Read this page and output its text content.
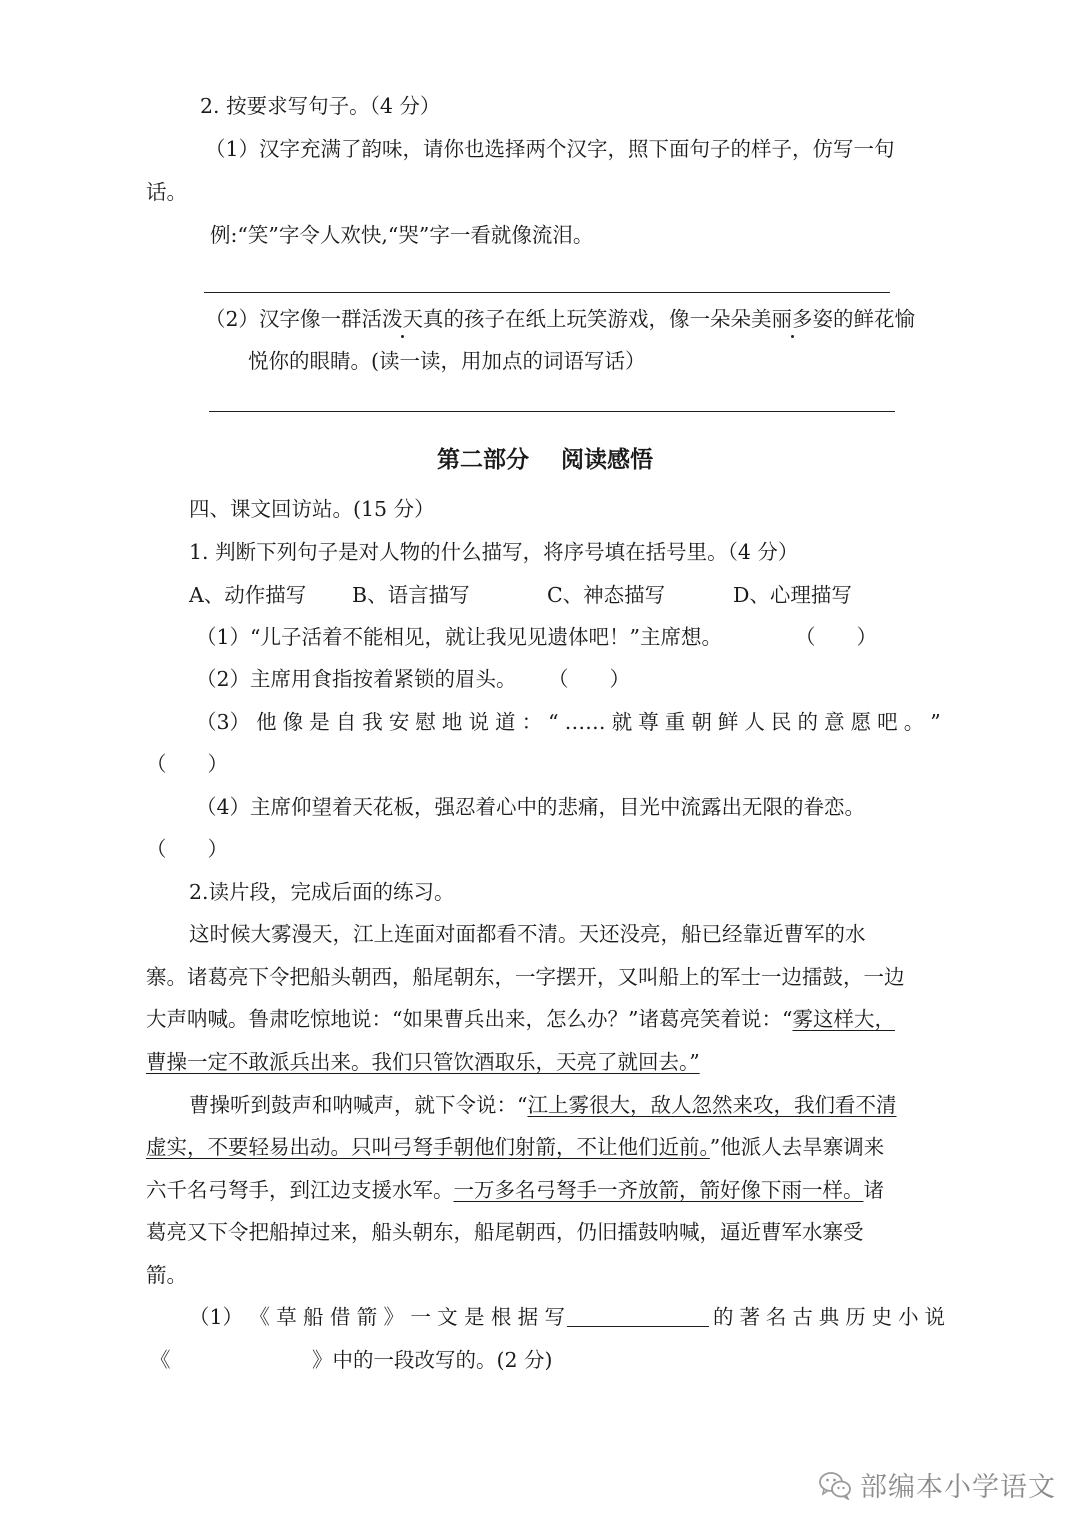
2. 按要求写句子。（4 分）
（1）汉字充满了韵味，请你也选择两个汉字，照下面句子的样子，仿写一句
话。
例:“笑”字令人欢快,“哭”字一看就像流泪。
（2）汉字像一群活泼天真的孩子在纸上玩笑游戏，像一朵朵美丽多姿的鲜花愉
悦你的眼睛。(读一读，用加点的词语写话）
第二部分    阅读感悟
四、课文回访站。(15 分）
1. 判断下列句子是对人物的什么描写，将序号填在括号里。（4 分）
A、动作描写 B、语言描写	C、神态描写	D、心理描写
（1）“儿子活着不能相见，就让我见见遗体吧！”主席想。	（　　）
（2）主席用食指按着紧锁的眉头。 （　　）
（3） 他 像 是 自 我 安 慰 地 说 道 ： “ …… 就 尊 重 朝 鲜 人 民 的 意 愿 吧 。 ”
（　　）
（4）主席仰望着天花板，强忍着心中的悲痛，目光中流露出无限的眷恋。
（　　）
2.读片段，完成后面的练习。
这时候大雾漫天，江上连面对面都看不清。天还没亮，船已经靠近曹军的水
寨。诸葛亮下令把船头朝西，船尾朝东，一字摆开，又叫船上的军士一边擂鼓，一边
大声呐喊。鲁肃吃惊地说：“如果曹兵出来，怎么办？”诸葛亮笑着说：“雾这样大，
曹操一定不敢派兵出来。我们只管饮酒取乐，天亮了就回去。”
曹操听到鼓声和呐喊声，就下令说：“江上雾很大，敌人忽然来攻，我们看不清
虚实，不要轻易出动。只叫弓弩手朝他们射箭，不让他们近前。”他派人去旱寨调来
六千名弓弩手，到江边支援水军。一万多名弓弩手一齐放箭，箭好像下雨一样。诸
葛亮又下令把船掉过来，船头朝东，船尾朝西，仍旧擂鼓呐喊，逼近曹军水寨受
箭。
（1） 《 草 船 借 箭 》 一 文 是 根 据 写	的 著 名 古 典 历 史 小 说
《	》中的一段改写的。(2 分)
部编本小学语文
